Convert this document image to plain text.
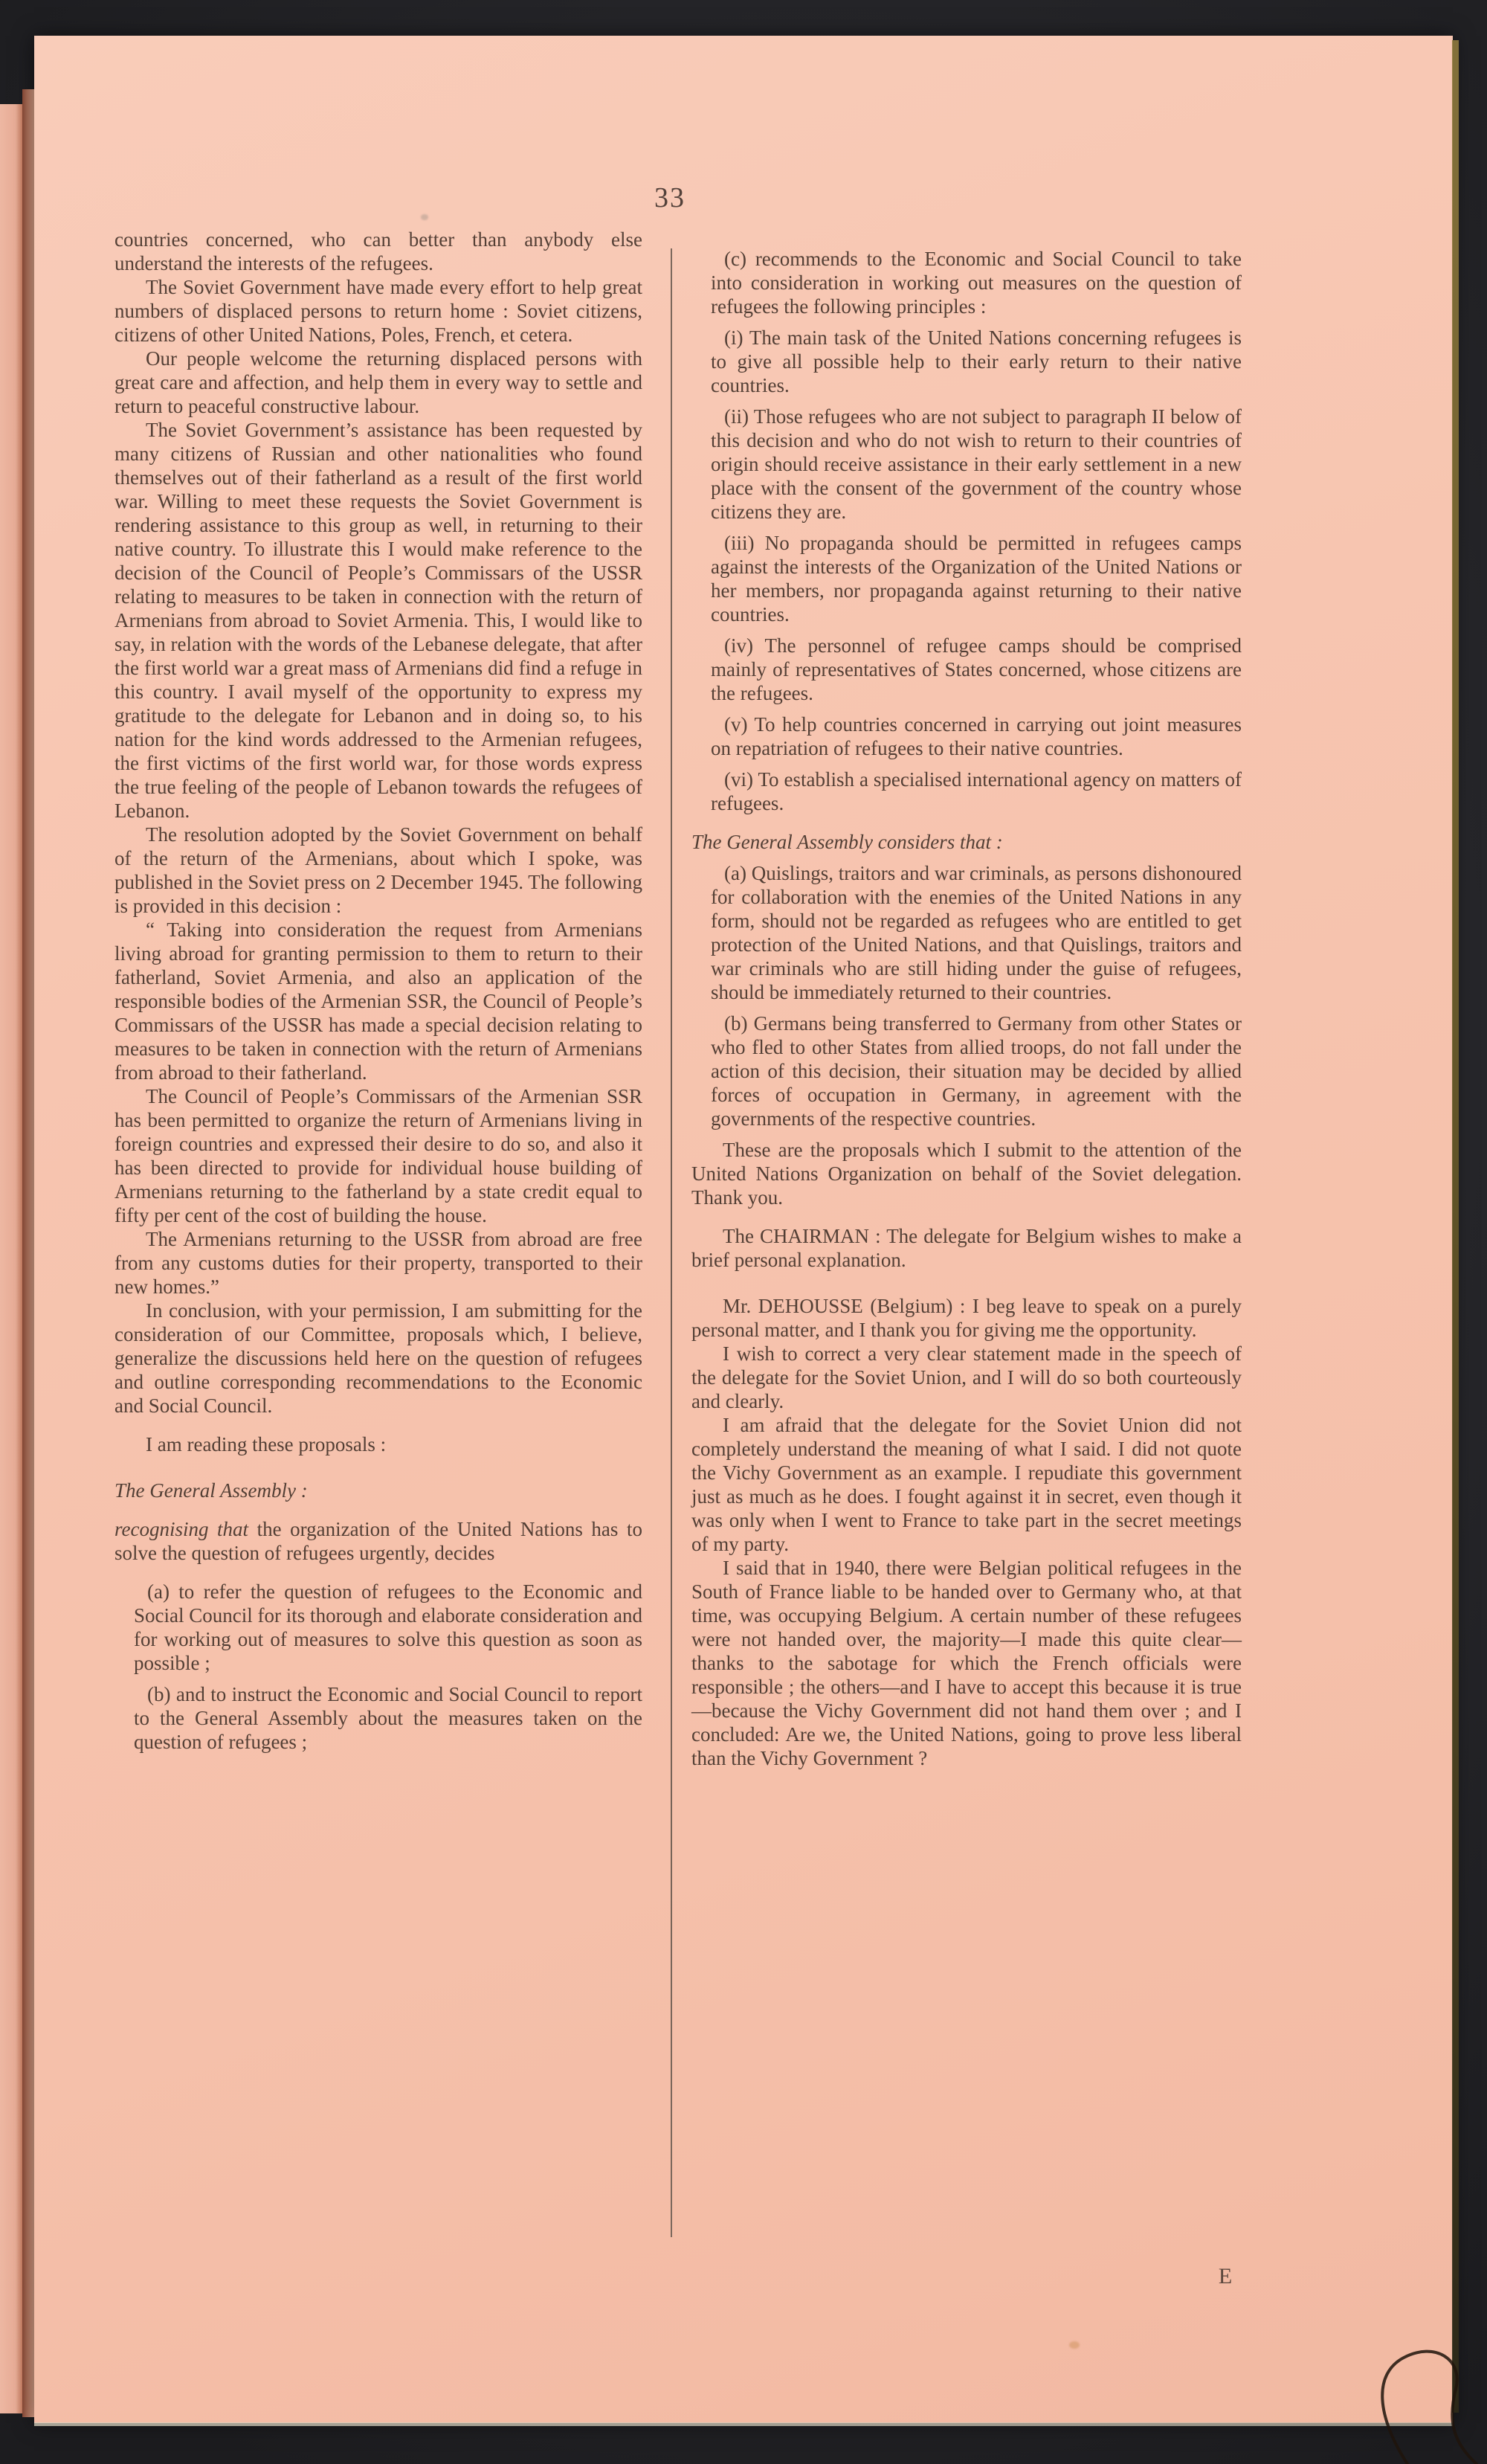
33

countries concerned, who can better than anybody else understand the interests of the refugees.

The Soviet Government have made every effort to help great numbers of displaced persons to return home : Soviet citizens, citizens of other United Nations, Poles, French, et cetera.

Our people welcome the returning displaced persons with great care and affection, and help them in every way to settle and return to peaceful constructive labour.

The Soviet Government’s assistance has been requested by many citizens of Russian and other nationalities who found themselves out of their fatherland as a result of the first world war. Willing to meet these requests the Soviet Government is rendering assistance to this group as well, in returning to their native country. To illustrate this I would make reference to the decision of the Council of People’s Commissars of the USSR relating to measures to be taken in connection with the return of Armenians from abroad to Soviet Armenia. This, I would like to say, in relation with the words of the Lebanese delegate, that after the first world war a great mass of Armenians did find a refuge in this country. I avail myself of the opportunity to express my gratitude to the delegate for Lebanon and in doing so, to his nation for the kind words addressed to the Armenian refugees, the first victims of the first world war, for those words express the true feeling of the people of Lebanon towards the refugees of Lebanon.

The resolution adopted by the Soviet Government on behalf of the return of the Armenians, about which I spoke, was published in the Soviet press on 2 December 1945. The following is provided in this decision :

“ Taking into consideration the request from Armenians living abroad for granting permission to them to return to their fatherland, Soviet Armenia, and also an application of the responsible bodies of the Armenian SSR, the Council of People’s Commissars of the USSR has made a special decision relating to measures to be taken in connection with the return of Armenians from abroad to their fatherland.

The Council of People’s Commissars of the Armenian SSR has been permitted to organize the return of Armenians living in foreign countries and expressed their desire to do so, and also it has been directed to provide for individual house building of Armenians returning to the fatherland by a state credit equal to fifty per cent of the cost of building the house.

The Armenians returning to the USSR from abroad are free from any customs duties for their property, transported to their new homes.”

In conclusion, with your permission, I am submitting for the consideration of our Committee, proposals which, I believe, generalize the discussions held here on the question of refugees and outline corresponding recommendations to the Economic and Social Council.

I am reading these proposals :

The General Assembly :

recognising that the organization of the United Nations has to solve the question of refugees urgently, decides

(a) to refer the question of refugees to the Economic and Social Council for its thorough and elaborate consideration and for working out of measures to solve this question as soon as possible ;

(b) and to instruct the Economic and Social Council to report to the General Assembly about the measures taken on the question of refugees ;

(c) recommends to the Economic and Social Council to take into consideration in working out measures on the question of refugees the following principles :

(i) The main task of the United Nations concerning refugees is to give all possible help to their early return to their native countries.

(ii) Those refugees who are not subject to paragraph II below of this decision and who do not wish to return to their countries of origin should receive assistance in their early settlement in a new place with the consent of the government of the country whose citizens they are.

(iii) No propaganda should be permitted in refugees camps against the interests of the Organization of the United Nations or her members, nor propaganda against returning to their native countries.

(iv) The personnel of refugee camps should be comprised mainly of representatives of States concerned, whose citizens are the refugees.

(v) To help countries concerned in carrying out joint measures on repatriation of refugees to their native countries.

(vi) To establish a specialised international agency on matters of refugees.

The General Assembly considers that :

(a) Quislings, traitors and war criminals, as persons dishonoured for collaboration with the enemies of the United Nations in any form, should not be regarded as refugees who are entitled to get protection of the United Nations, and that Quislings, traitors and war criminals who are still hiding under the guise of refugees, should be immediately returned to their countries.

(b) Germans being transferred to Germany from other States or who fled to other States from allied troops, do not fall under the action of this decision, their situation may be decided by allied forces of occupation in Germany, in agreement with the governments of the respective countries.

These are the proposals which I submit to the attention of the United Nations Organization on behalf of the Soviet delegation. Thank you.

The CHAIRMAN : The delegate for Belgium wishes to make a brief personal explanation.

Mr. DEHOUSSE (Belgium) : I beg leave to speak on a purely personal matter, and I thank you for giving me the opportunity.

I wish to correct a very clear statement made in the speech of the delegate for the Soviet Union, and I will do so both courteously and clearly.

I am afraid that the delegate for the Soviet Union did not completely understand the meaning of what I said. I did not quote the Vichy Government as an example. I repudiate this government just as much as he does. I fought against it in secret, even though it was only when I went to France to take part in the secret meetings of my party.

I said that in 1940, there were Belgian political refugees in the South of France liable to be handed over to Germany who, at that time, was occupying Belgium. A certain number of these refugees were not handed over, the majority—I made this quite clear—thanks to the sabotage for which the French officials were responsible ; the others—and I have to accept this because it is true—because the Vichy Government did not hand them over ; and I concluded: Are we, the United Nations, going to prove less liberal than the Vichy Government ?

E
